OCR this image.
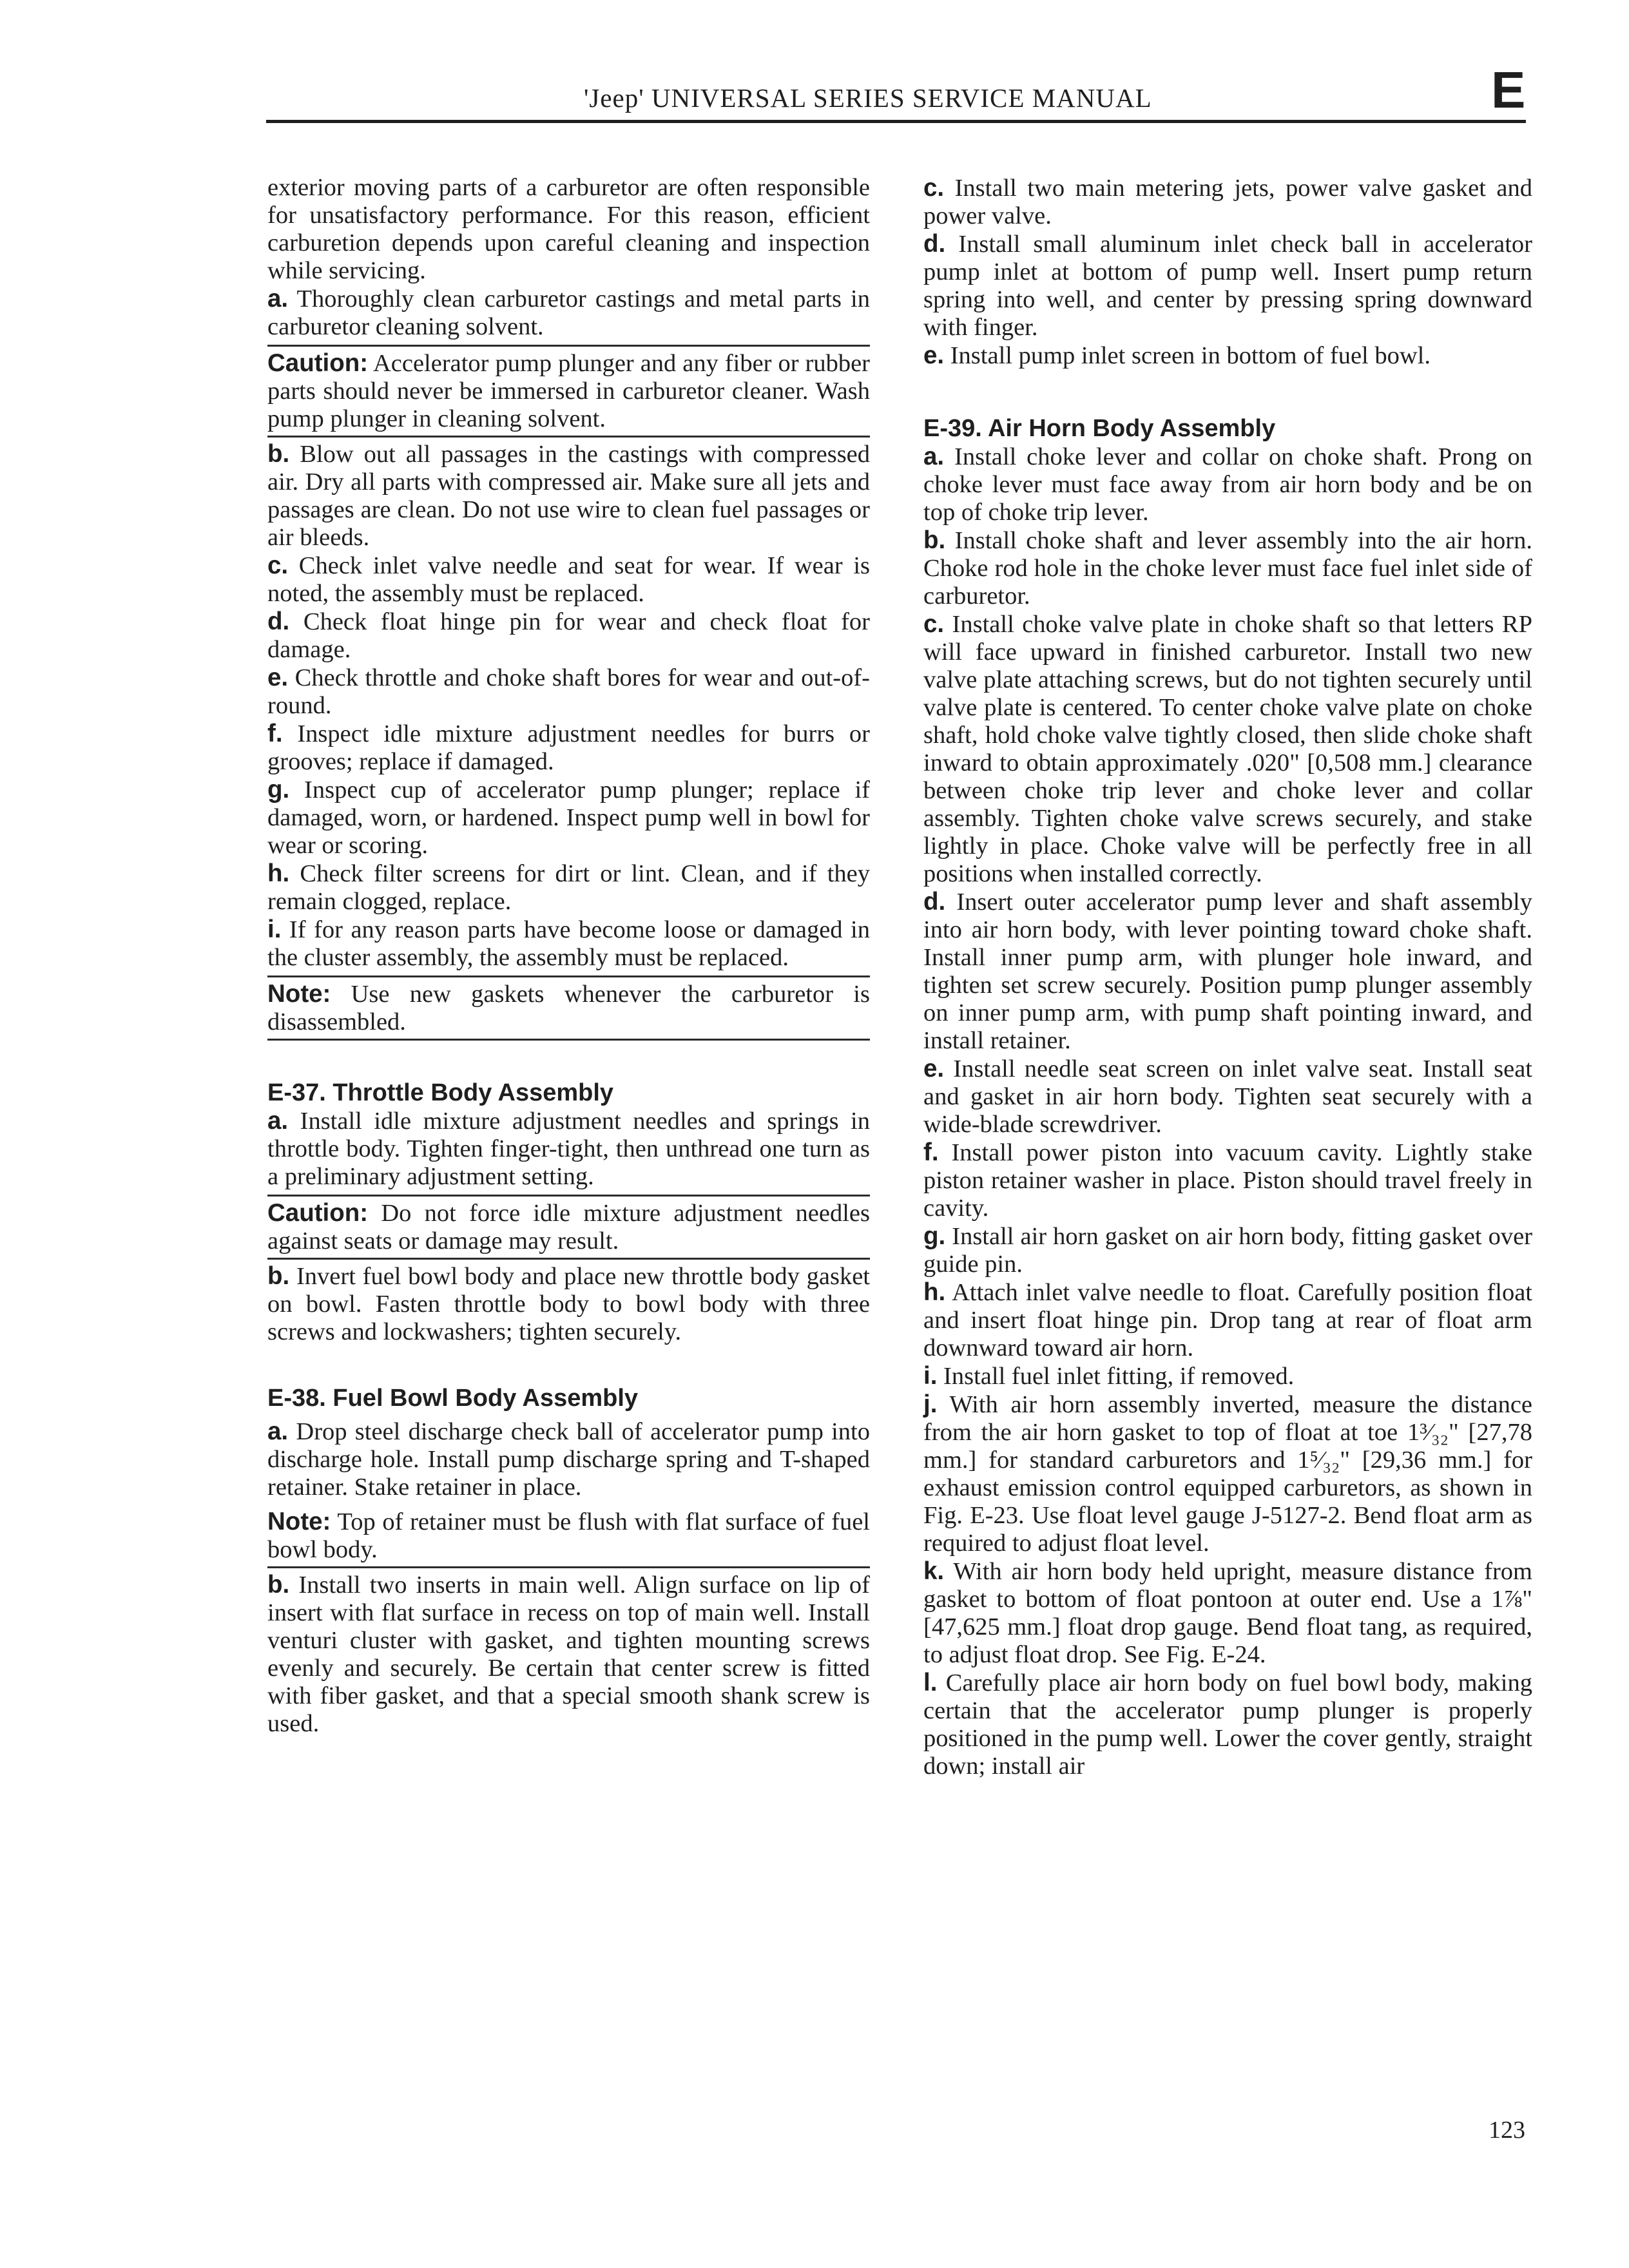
'Jeep' UNIVERSAL SERIES SERVICE MANUAL	E

exterior moving parts of a carburetor are often responsible for unsatisfactory performance. For this reason, efficient carburetion depends upon careful cleaning and inspection while servicing.

a. Thoroughly clean carburetor castings and metal parts in carburetor cleaning solvent.

Caution: Accelerator pump plunger and any fiber or rubber parts should never be immersed in carburetor cleaner. Wash pump plunger in cleaning solvent.

b. Blow out all passages in the castings with compressed air. Dry all parts with compressed air. Make sure all jets and passages are clean. Do not use wire to clean fuel passages or air bleeds.

c. Check inlet valve needle and seat for wear. If wear is noted, the assembly must be replaced.

d. Check float hinge pin for wear and check float for damage.

e. Check throttle and choke shaft bores for wear and out-of-round.

f. Inspect idle mixture adjustment needles for burrs or grooves; replace if damaged.

g. Inspect cup of accelerator pump plunger; replace if damaged, worn, or hardened. Inspect pump well in bowl for wear or scoring.

h. Check filter screens for dirt or lint. Clean, and if they remain clogged, replace.

i. If for any reason parts have become loose or damaged in the cluster assembly, the assembly must be replaced.

Note: Use new gaskets whenever the carburetor is disassembled.
E-37. Throttle Body Assembly

a. Install idle mixture adjustment needles and springs in throttle body. Tighten finger-tight, then unthread one turn as a preliminary adjustment setting.

Caution: Do not force idle mixture adjustment needles against seats or damage may result.

b. Invert fuel bowl body and place new throttle body gasket on bowl. Fasten throttle body to bowl body with three screws and lockwashers; tighten securely.

E-38. Fuel Bowl Body Assembly

a. Drop steel discharge check ball of accelerator pump into discharge hole. Install pump discharge spring and T-shaped retainer. Stake retainer in place.

Note: Top of retainer must be flush with flat surface of fuel bowl body.

b. Install two inserts in main well. Align surface on lip of insert with flat surface in recess on top of main well. Install venturi cluster with gasket, and tighten mounting screws evenly and securely. Be certain that center screw is fitted with fiber gasket, and that a special smooth shank screw is used.

c. Install two main metering jets, power valve gasket and power valve.

d. Install small aluminum inlet check ball in accelerator pump inlet at bottom of pump well. Insert pump return spring into well, and center by pressing spring downward with finger.

e. Install pump inlet screen in bottom of fuel bowl.

E-39. Air Horn Body Assembly

a. Install choke lever and collar on choke shaft. Prong on choke lever must face away from air horn body and be on top of choke trip lever.

b. Install choke shaft and lever assembly into the air horn. Choke rod hole in the choke lever must face fuel inlet side of carburetor.

c. Install choke valve plate in choke shaft so that letters RP will face upward in finished carburetor. Install two new valve plate attaching screws, but do not tighten securely until valve plate is centered. To center choke valve plate on choke shaft, hold choke valve tightly closed, then slide choke shaft inward to obtain approximately .020" [0,508 mm.] clearance between choke trip lever and choke lever and collar assembly. Tighten choke valve screws securely, and stake lightly in place. Choke valve will be perfectly free in all positions when installed correctly.

d. Insert outer accelerator pump lever and shaft assembly into air horn body, with lever pointing toward choke shaft. Install inner pump arm, with plunger hole inward, and tighten set screw securely. Position pump plunger assembly on inner pump arm, with pump shaft pointing inward, and install retainer.

e. Install needle seat screen on inlet valve seat. Install seat and gasket in air horn body. Tighten seat securely with a wide-blade screwdriver.

f. Install power piston into vacuum cavity. Lightly stake piston retainer washer in place. Piston should travel freely in cavity.

g. Install air horn gasket on air horn body, fitting gasket over guide pin.

h. Attach inlet valve needle to float. Carefully position float and insert float hinge pin. Drop tang at rear of float arm downward toward air horn.

i. Install fuel inlet fitting, if removed.

j. With air horn assembly inverted, measure the distance from the air horn gasket to top of float at toe 1³⁄₃₂" [27,78 mm.] for standard carburetors and 1⁵⁄₃₂" [29,36 mm.] for exhaust emission control equipped carburetors, as shown in Fig. E-23. Use float level gauge J-5127-2. Bend float arm as required to adjust float level.

k. With air horn body held upright, measure distance from gasket to bottom of float pontoon at outer end. Use a 1⅞" [47,625 mm.] float drop gauge. Bend float tang, as required, to adjust float drop. See Fig. E-24.

l. Carefully place air horn body on fuel bowl body, making certain that the accelerator pump plunger is properly positioned in the pump well. Lower the cover gently, straight down; install air

123
